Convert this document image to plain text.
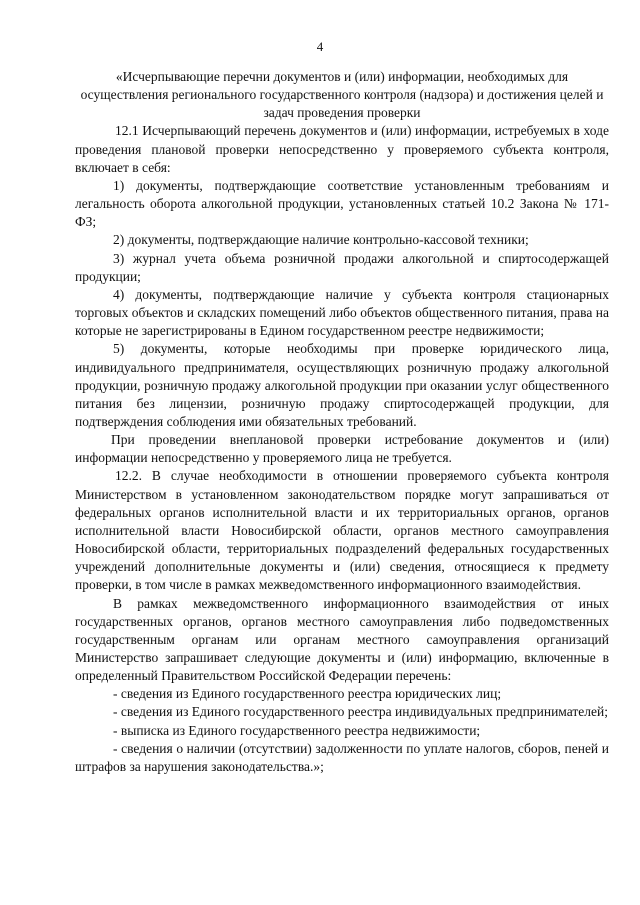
4
«Исчерпывающие перечни документов и (или) информации, необходимых для осуществления регионального государственного контроля (надзора) и достижения целей и задач проведения проверки
12.1 Исчерпывающий перечень документов и (или) информации, истребуемых в ходе проведения плановой проверки непосредственно у проверяемого субъекта контроля, включает в себя:
1) документы, подтверждающие соответствие установленным требованиям и легальность оборота алкогольной продукции, установленных статьей 10.2 Закона № 171-ФЗ;
2) документы, подтверждающие наличие контрольно-кассовой техники;
3) журнал учета объема розничной продажи алкогольной и спиртосодержащей продукции;
4) документы, подтверждающие наличие у субъекта контроля стационарных торговых объектов и складских помещений либо объектов общественного питания, права на которые не зарегистрированы в Едином государственном реестре недвижимости;
5) документы, которые необходимы при проверке юридического лица, индивидуального предпринимателя, осуществляющих розничную продажу алкогольной продукции, розничную продажу алкогольной продукции при оказании услуг общественного питания без лицензии, розничную продажу спиртосодержащей продукции, для подтверждения соблюдения ими обязательных требований.
При проведении внеплановой проверки истребование документов и (или) информации непосредственно у проверяемого лица не требуется.
12.2. В случае необходимости в отношении проверяемого субъекта контроля Министерством в установленном законодательством порядке могут запрашиваться от федеральных органов исполнительной власти и их территориальных органов, органов исполнительной власти Новосибирской области, органов местного самоуправления Новосибирской области, территориальных подразделений федеральных государственных учреждений дополнительные документы и (или) сведения, относящиеся к предмету проверки, в том числе в рамках межведомственного информационного взаимодействия.
В рамках межведомственного информационного взаимодействия от иных государственных органов, органов местного самоуправления либо подведомственных государственным органам или органам местного самоуправления организаций Министерство запрашивает следующие документы и (или) информацию, включенные в определенный Правительством Российской Федерации перечень:
- сведения из Единого государственного реестра юридических лиц;
- сведения из Единого государственного реестра индивидуальных предпринимателей;
- выписка из Единого государственного реестра недвижимости;
- сведения о наличии (отсутствии) задолженности по уплате налогов, сборов, пеней и штрафов за нарушения законодательства.»;
